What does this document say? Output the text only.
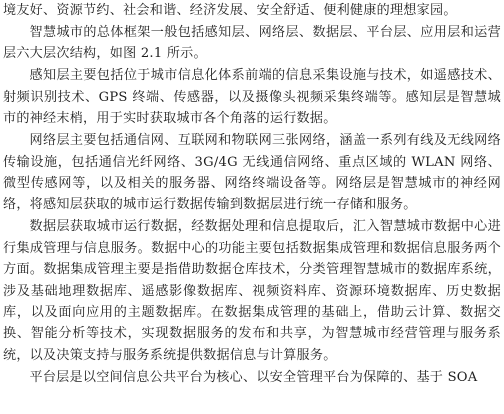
境友好、资源节约、社会和谐、经济发展、安全舒适、便利健康的理想家园。

智慧城市的总体框架一般包括感知层、网络层、数据层、平台层、应用层和运营层六大层次结构，如图 2.1 所示。

感知层主要包括位于城市信息化体系前端的信息采集设施与技术，如遥感技术、射频识别技术、GPS 终端、传感器，以及摄像头视频采集终端等。感知层是智慧城市的神经末梢，用于实时获取城市各个角落的运行数据。

网络层主要包括通信网、互联网和物联网三张网络，涵盖一系列有线及无线网络传输设施，包括通信光纤网络、3G/4G 无线通信网络、重点区域的 WLAN 网络、微型传感网等，以及相关的服务器、网络终端设备等。网络层是智慧城市的神经网络，将感知层获取的城市运行数据传输到数据层进行统一存储和服务。

数据层获取城市运行数据，经数据处理和信息提取后，汇入智慧城市数据中心进行集成管理与信息服务。数据中心的功能主要包括数据集成管理和数据信息服务两个方面。数据集成管理主要是指借助数据仓库技术，分类管理智慧城市的数据库系统，涉及基础地理数据库、遥感影像数据库、视频资料库、资源环境数据库、历史数据库，以及面向应用的主题数据库。在数据集成管理的基础上，借助云计算、数据交换、智能分析等技术，实现数据服务的发布和共享，为智慧城市经营管理与服务系统，以及决策支持与服务系统提供数据信息与计算服务。

平台层是以空间信息公共平台为核心、以安全管理平台为保障的、基于 SOA
